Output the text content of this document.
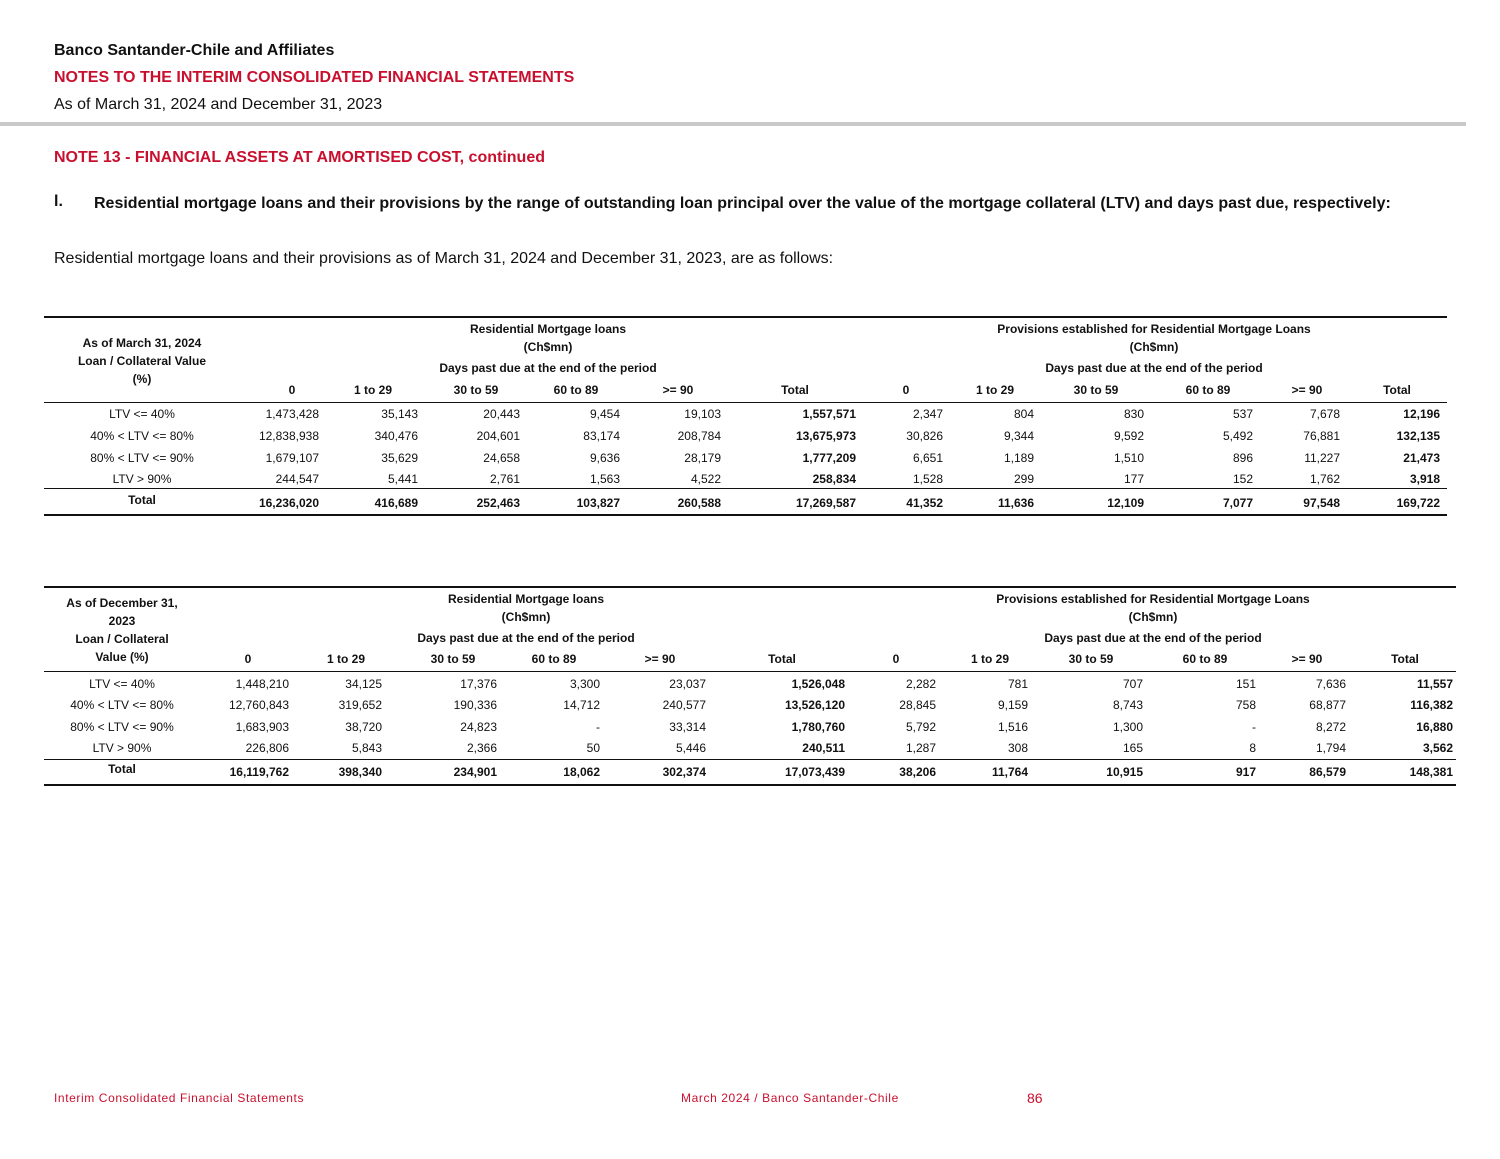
Banco Santander-Chile and Affiliates
NOTES TO THE INTERIM CONSOLIDATED FINANCIAL STATEMENTS
As of March 31, 2024 and December 31, 2023
NOTE 13 - FINANCIAL ASSETS AT AMORTISED COST, continued
l. Residential mortgage loans and their provisions by the range of outstanding loan principal over the value of the mortgage collateral (LTV) and days past due, respectively:
Residential mortgage loans and their provisions as of March 31, 2024 and December 31, 2023, are as follows:
As of March 31, 2024
Loan / Collateral Value
(%)
Residential Mortgage loans
(Ch$mn)
Days past due at the end of the period
Provisions established for Residential Mortgage Loans
(Ch$mn)
Days past due at the end of the period
0	1 to 29	30 to 59	60 to 89	>= 90	Total	0	1 to 29	30 to 59	60 to 89	>= 90	Total
LTV <= 40%	1,473,428	35,143	20,443	9,454	19,103	1,557,571	2,347	804	830	537	7,678	12,196
40% < LTV <= 80%	12,838,938	340,476	204,601	83,174	208,784	13,675,973	30,826	9,344	9,592	5,492	76,881	132,135
80% < LTV <= 90%	1,679,107	35,629	24,658	9,636	28,179	1,777,209	6,651	1,189	1,510	896	11,227	21,473
LTV > 90%	244,547	5,441	2,761	1,563	4,522	258,834	1,528	299	177	152	1,762	3,918
Total	16,236,020	416,689	252,463	103,827	260,588	17,269,587	41,352	11,636	12,109	7,077	97,548	169,722
As of December 31,
2023
Loan / Collateral
Value (%)
Residential Mortgage loans
(Ch$mn)
Days past due at the end of the period
Provisions established for Residential Mortgage Loans
(Ch$mn)
Days past due at the end of the period
0	1 to 29	30 to 59	60 to 89	>= 90	Total	0	1 to 29	30 to 59	60 to 89	>= 90	Total
LTV <= 40%	1,448,210	34,125	17,376	3,300	23,037	1,526,048	2,282	781	707	151	7,636	11,557
40% < LTV <= 80%	12,760,843	319,652	190,336	14,712	240,577	13,526,120	28,845	9,159	8,743	758	68,877	116,382
80% < LTV <= 90%	1,683,903	38,720	24,823	-	33,314	1,780,760	5,792	1,516	1,300	-	8,272	16,880
LTV > 90%	226,806	5,843	2,366	50	5,446	240,511	1,287	308	165	8	1,794	3,562
Total	16,119,762	398,340	234,901	18,062	302,374	17,073,439	38,206	11,764	10,915	917	86,579	148,381
Interim Consolidated Financial Statements	March 2024 / Banco Santander-Chile	86
